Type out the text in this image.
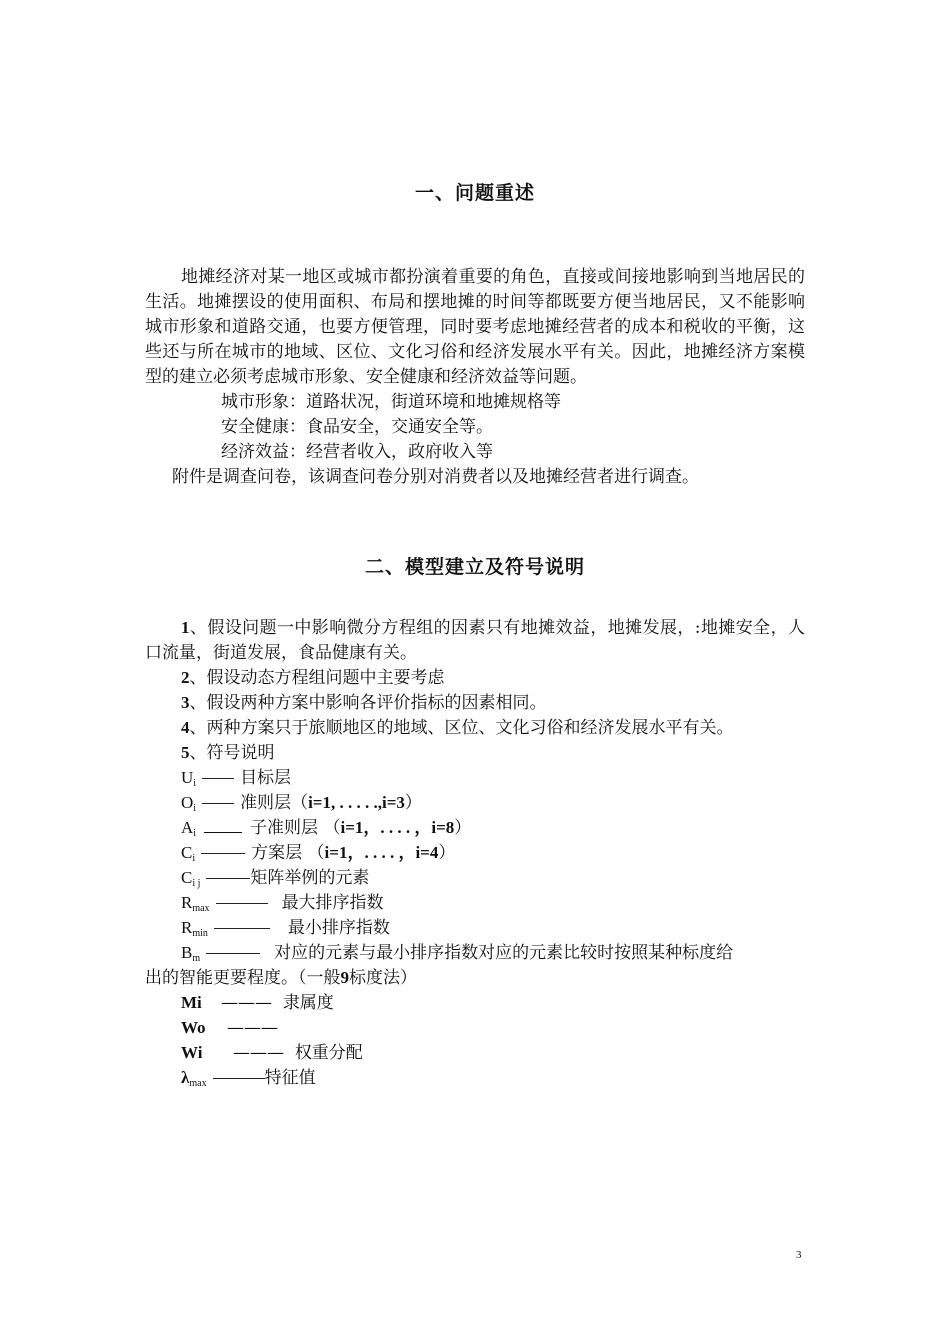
一、问题重述
地摊经济对某一地区或城市都扮演着重要的角色，直接或间接地影响到当地居民的生活。地摊摆设的使用面积、布局和摆地摊的时间等都既要方便当地居民，又不能影响城市形象和道路交通，也要方便管理，同时要考虑地摊经营者的成本和税收的平衡，这些还与所在城市的地域、区位、文化习俗和经济发展水平有关。因此，地摊经济方案模型的建立必须考虑城市形象、安全健康和经济效益等问题。
城市形象：道路状况，街道环境和地摊规格等
安全健康：食品安全，交通安全等。
经济效益：经营者收入，政府收入等
附件是调查问卷，该调查问卷分别对消费者以及地摊经营者进行调查。
二、模型建立及符号说明
1、假设问题一中影响微分方程组的因素只有地摊效益，地摊发展，:地摊安全，人口流量，街道发展，食品健康有关。
2、假设动态方程组问题中主要考虑
3、假设两种方案中影响各评价指标的因素相同。
4、两种方案只于旅顺地区的地域、区位、文化习俗和经济发展水平有关。
5、符号说明
$U_i$	目标层
$O_i$	准则层（i=1, . . . . .,i=3）
$A_i$	子准则层 （i=1，. . . . ，i=8）
$C_i$	方案层 （i=1，. . . . ，i=4）
$C_{i j}$	矩阵举例的元素
$R_{max}$	最大排序指数
$R_{min}$	最小排序指数
$B_m$	对应的元素与最小排序指数对应的元素比较时按照某种标度给
出的智能更要程度。（一般9标度法）
Mi ——— 隶属度
Wo ———
Wi ——— 权重分配
$\lambda_{max}$	特征值
3
